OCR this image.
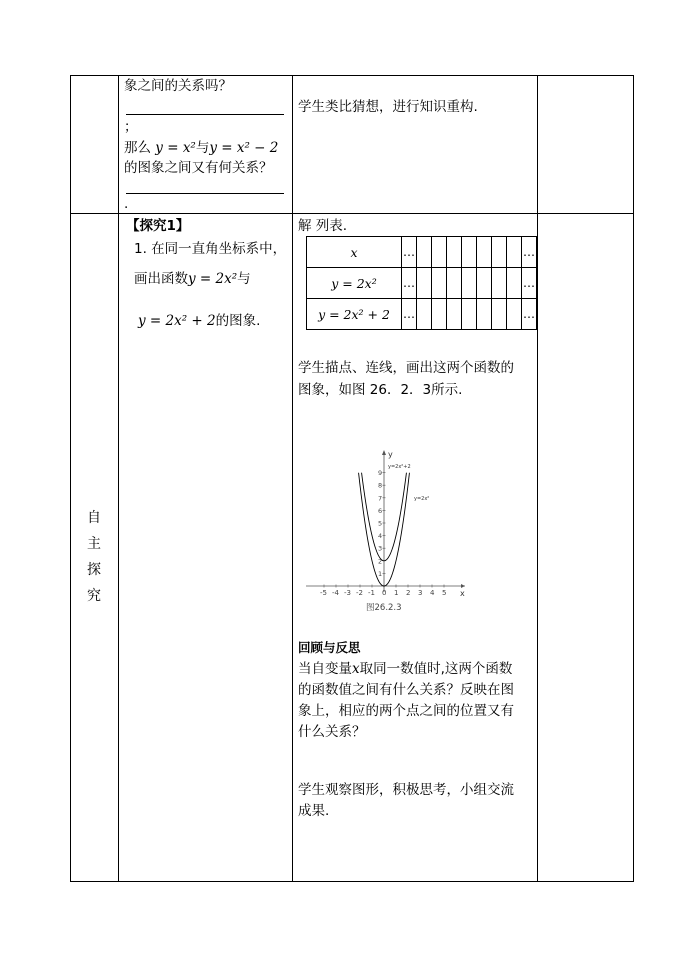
象之间的关系吗？
；
那么 y = x²与y = x² − 2
的图象之间又有何关系？
.
学生类比猜想，进行知识重构.
自
主
探
究
【探究1】
1. 在同一直角坐标系中，
画出函数y = 2x²与
y = 2x² + 2的图象.
解 列表.
x	…								…
y = 2x²	…								…
y = 2x² + 2	…								…
学生描点、连线，画出这两个函数的
图象，如图 26．2．3所示.
y
x
-5 -4 -3 -2 -1 0 1 2 3 4 5
1
2
3
4
5
6
7
8
9
y=2x²+2
y=2x²
图26.2.3
回顾与反思
当自变量x取同一数值时,这两个函数
的函数值之间有什么关系？反映在图
象上，相应的两个点之间的位置又有
什么关系？
学生观察图形，积极思考，小组交流
成果.
